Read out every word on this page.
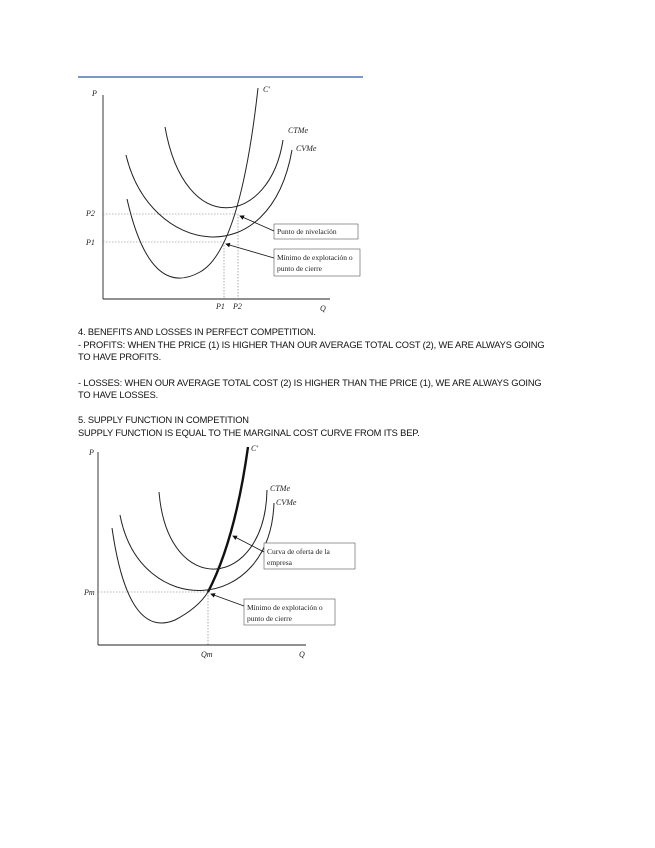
P
Q
P2
P1
P1 P2
C'
CTMe
CVMe
Punto de nivelación
Mínimo de explotación o
punto de cierre
P
Q
Pm
Qm
C'
CTMe
CVMe
Curva de oferta de la
empresa
Mínimo de explotación o
punto de cierre

4. BENEFITS AND LOSSES IN PERFECT COMPETITION.

- PROFITS: WHEN THE PRICE (1) IS HIGHER THAN OUR AVERAGE TOTAL COST (2), WE ARE ALWAYS GOING

TO HAVE PROFITS.

- LOSSES: WHEN OUR AVERAGE TOTAL COST (2) IS HIGHER THAN THE PRICE (1), WE ARE ALWAYS GOING

TO HAVE LOSSES.

5. SUPPLY FUNCTION IN COMPETITION

SUPPLY FUNCTION IS EQUAL TO THE MARGINAL COST CURVE FROM ITS BEP.
